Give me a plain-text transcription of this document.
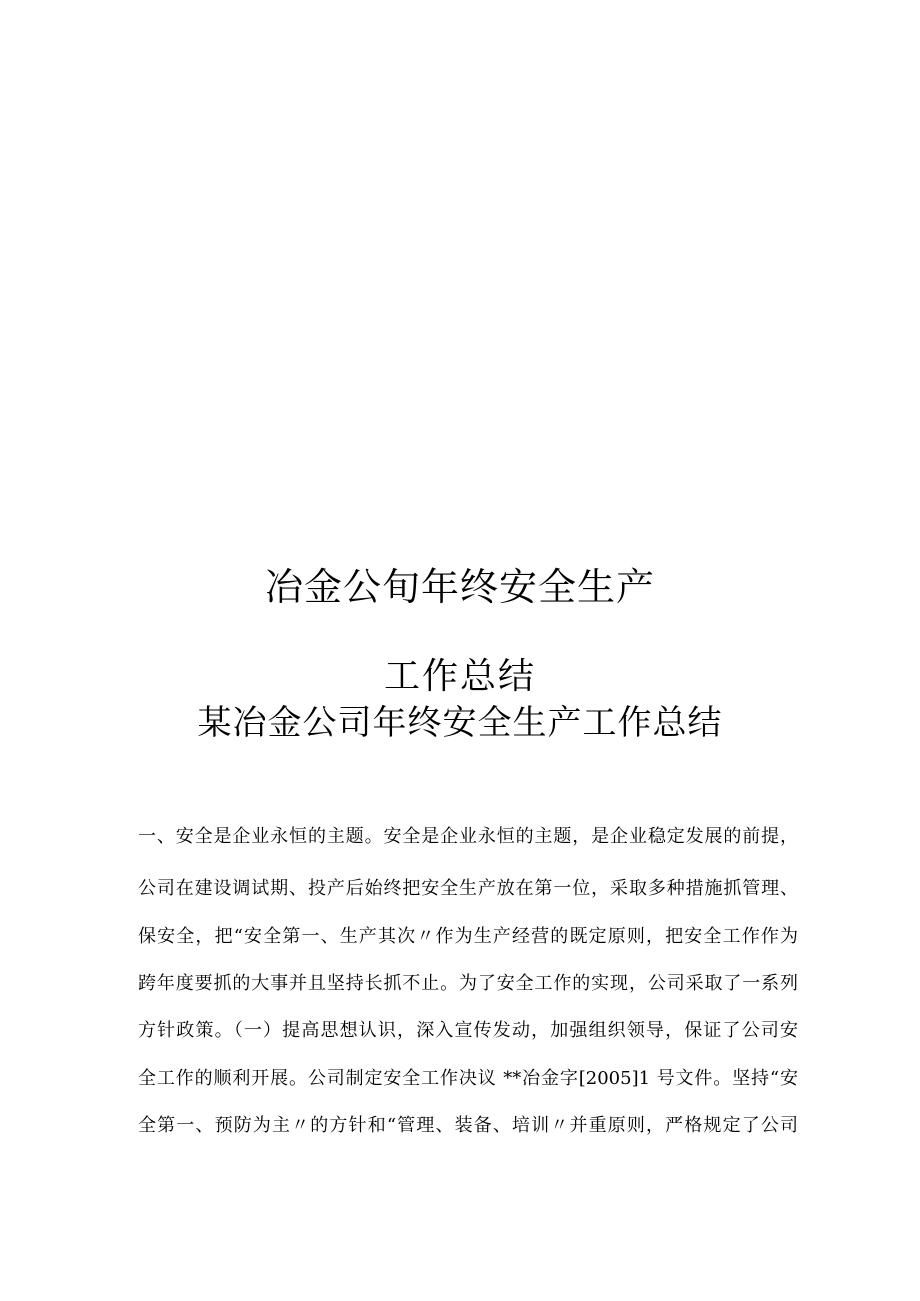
冶金公旬年终安全生产
工作总结
某冶金公司年终安全生产工作总结
一、安全是企业永恒的主题。安全是企业永恒的主题，是企业稳定发展的前提，
公司在建设调试期、投产后始终把安全生产放在第一位，采取多种措施抓管理、
保安全，把“安全第一、生产其次〃作为生产经营的既定原则，把安全工作作为
跨年度要抓的大事并且坚持长抓不止。为了安全工作的实现，公司采取了一系列
方针政策。（一）提高思想认识，深入宣传发动，加强组织领导，保证了公司安
全工作的顺利开展。公司制定安全工作决议 **冶金字[2005]1 号文件。坚持“安
全第一、预防为主〃的方针和“管理、装备、培训〃并重原则，严格规定了公司
